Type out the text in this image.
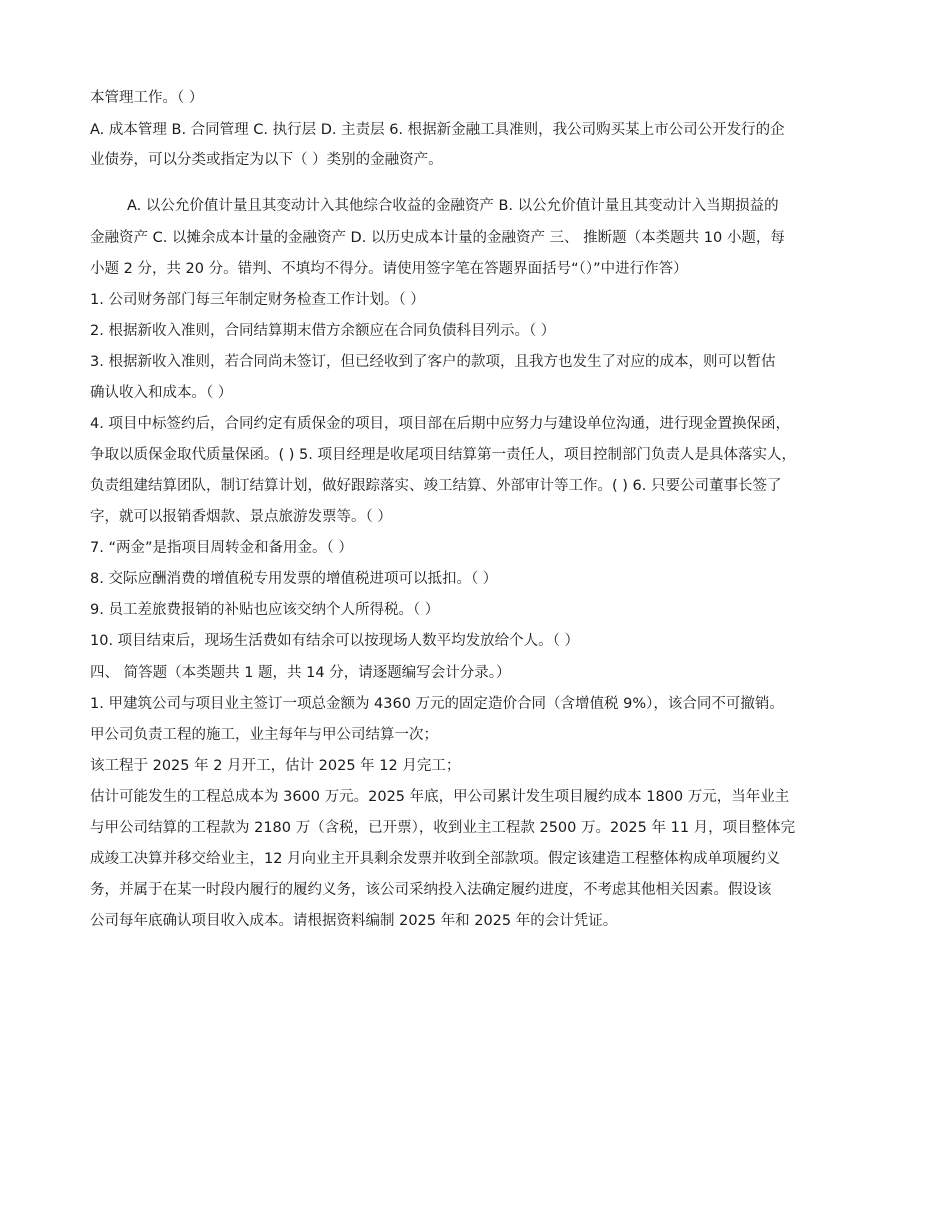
本管理工作。（ ）
A. 成本管理 B. 合同管理 C. 执行层 D. 主责层 6. 根据新金融工具准则，我公司购买某上市公司公开发行的企
业债券，可以分类或指定为以下（ ）类别的金融资产。
A. 以公允价值计量且其变动计入其他综合收益的金融资产 B. 以公允价值计量且其变动计入当期损益的
金融资产 C. 以摊余成本计量的金融资产 D. 以历史成本计量的金融资产 三、 推断题（本类题共 10 小题，每
小题 2 分，共 20 分。错判、不填均不得分。请使用签字笔在答题界面括号“（）”中进行作答）
1. 公司财务部门每三年制定财务检查工作计划。（ ）
2. 根据新收入准则，合同结算期末借方余额应在合同负债科目列示。（ ）
3. 根据新收入准则，若合同尚未签订，但已经收到了客户的款项，且我方也发生了对应的成本，则可以暂估
确认收入和成本。（ ）
4. 项目中标签约后，合同约定有质保金的项目，项目部在后期中应努力与建设单位沟通，进行现金置换保函，
争取以质保金取代质量保函。( ) 5. 项目经理是收尾项目结算第一责任人，项目控制部门负责人是具体落实人，
负责组建结算团队，制订结算计划，做好跟踪落实、竣工结算、外部审计等工作。( ) 6. 只要公司董事长签了
字，就可以报销香烟款、景点旅游发票等。（ ）
7. “两金”是指项目周转金和备用金。（ ）
8. 交际应酬消费的增值税专用发票的增值税进项可以抵扣。（ ）
9. 员工差旅费报销的补贴也应该交纳个人所得税。（ ）
10. 项目结束后，现场生活费如有结余可以按现场人数平均发放给个人。（ ）
四、 简答题（本类题共 1 题，共 14 分，请逐题编写会计分录。）
1. 甲建筑公司与项目业主签订一项总金额为 4360 万元的固定造价合同（含增值税 9%），该合同不可撤销。
甲公司负责工程的施工，业主每年与甲公司结算一次；
该工程于 2025 年 2 月开工，估计 2025 年 12 月完工；
估计可能发生的工程总成本为 3600 万元。2025 年底，甲公司累计发生项目履约成本 1800 万元，当年业主
与甲公司结算的工程款为 2180 万（含税，已开票），收到业主工程款 2500 万。2025 年 11 月，项目整体完
成竣工决算并移交给业主，12 月向业主开具剩余发票并收到全部款项。假定该建造工程整体构成单项履约义
务，并属于在某一时段内履行的履约义务，该公司采纳投入法确定履约进度，不考虑其他相关因素。假设该
公司每年底确认项目收入成本。请根据资料编制 2025 年和 2025 年的会计凭证。
